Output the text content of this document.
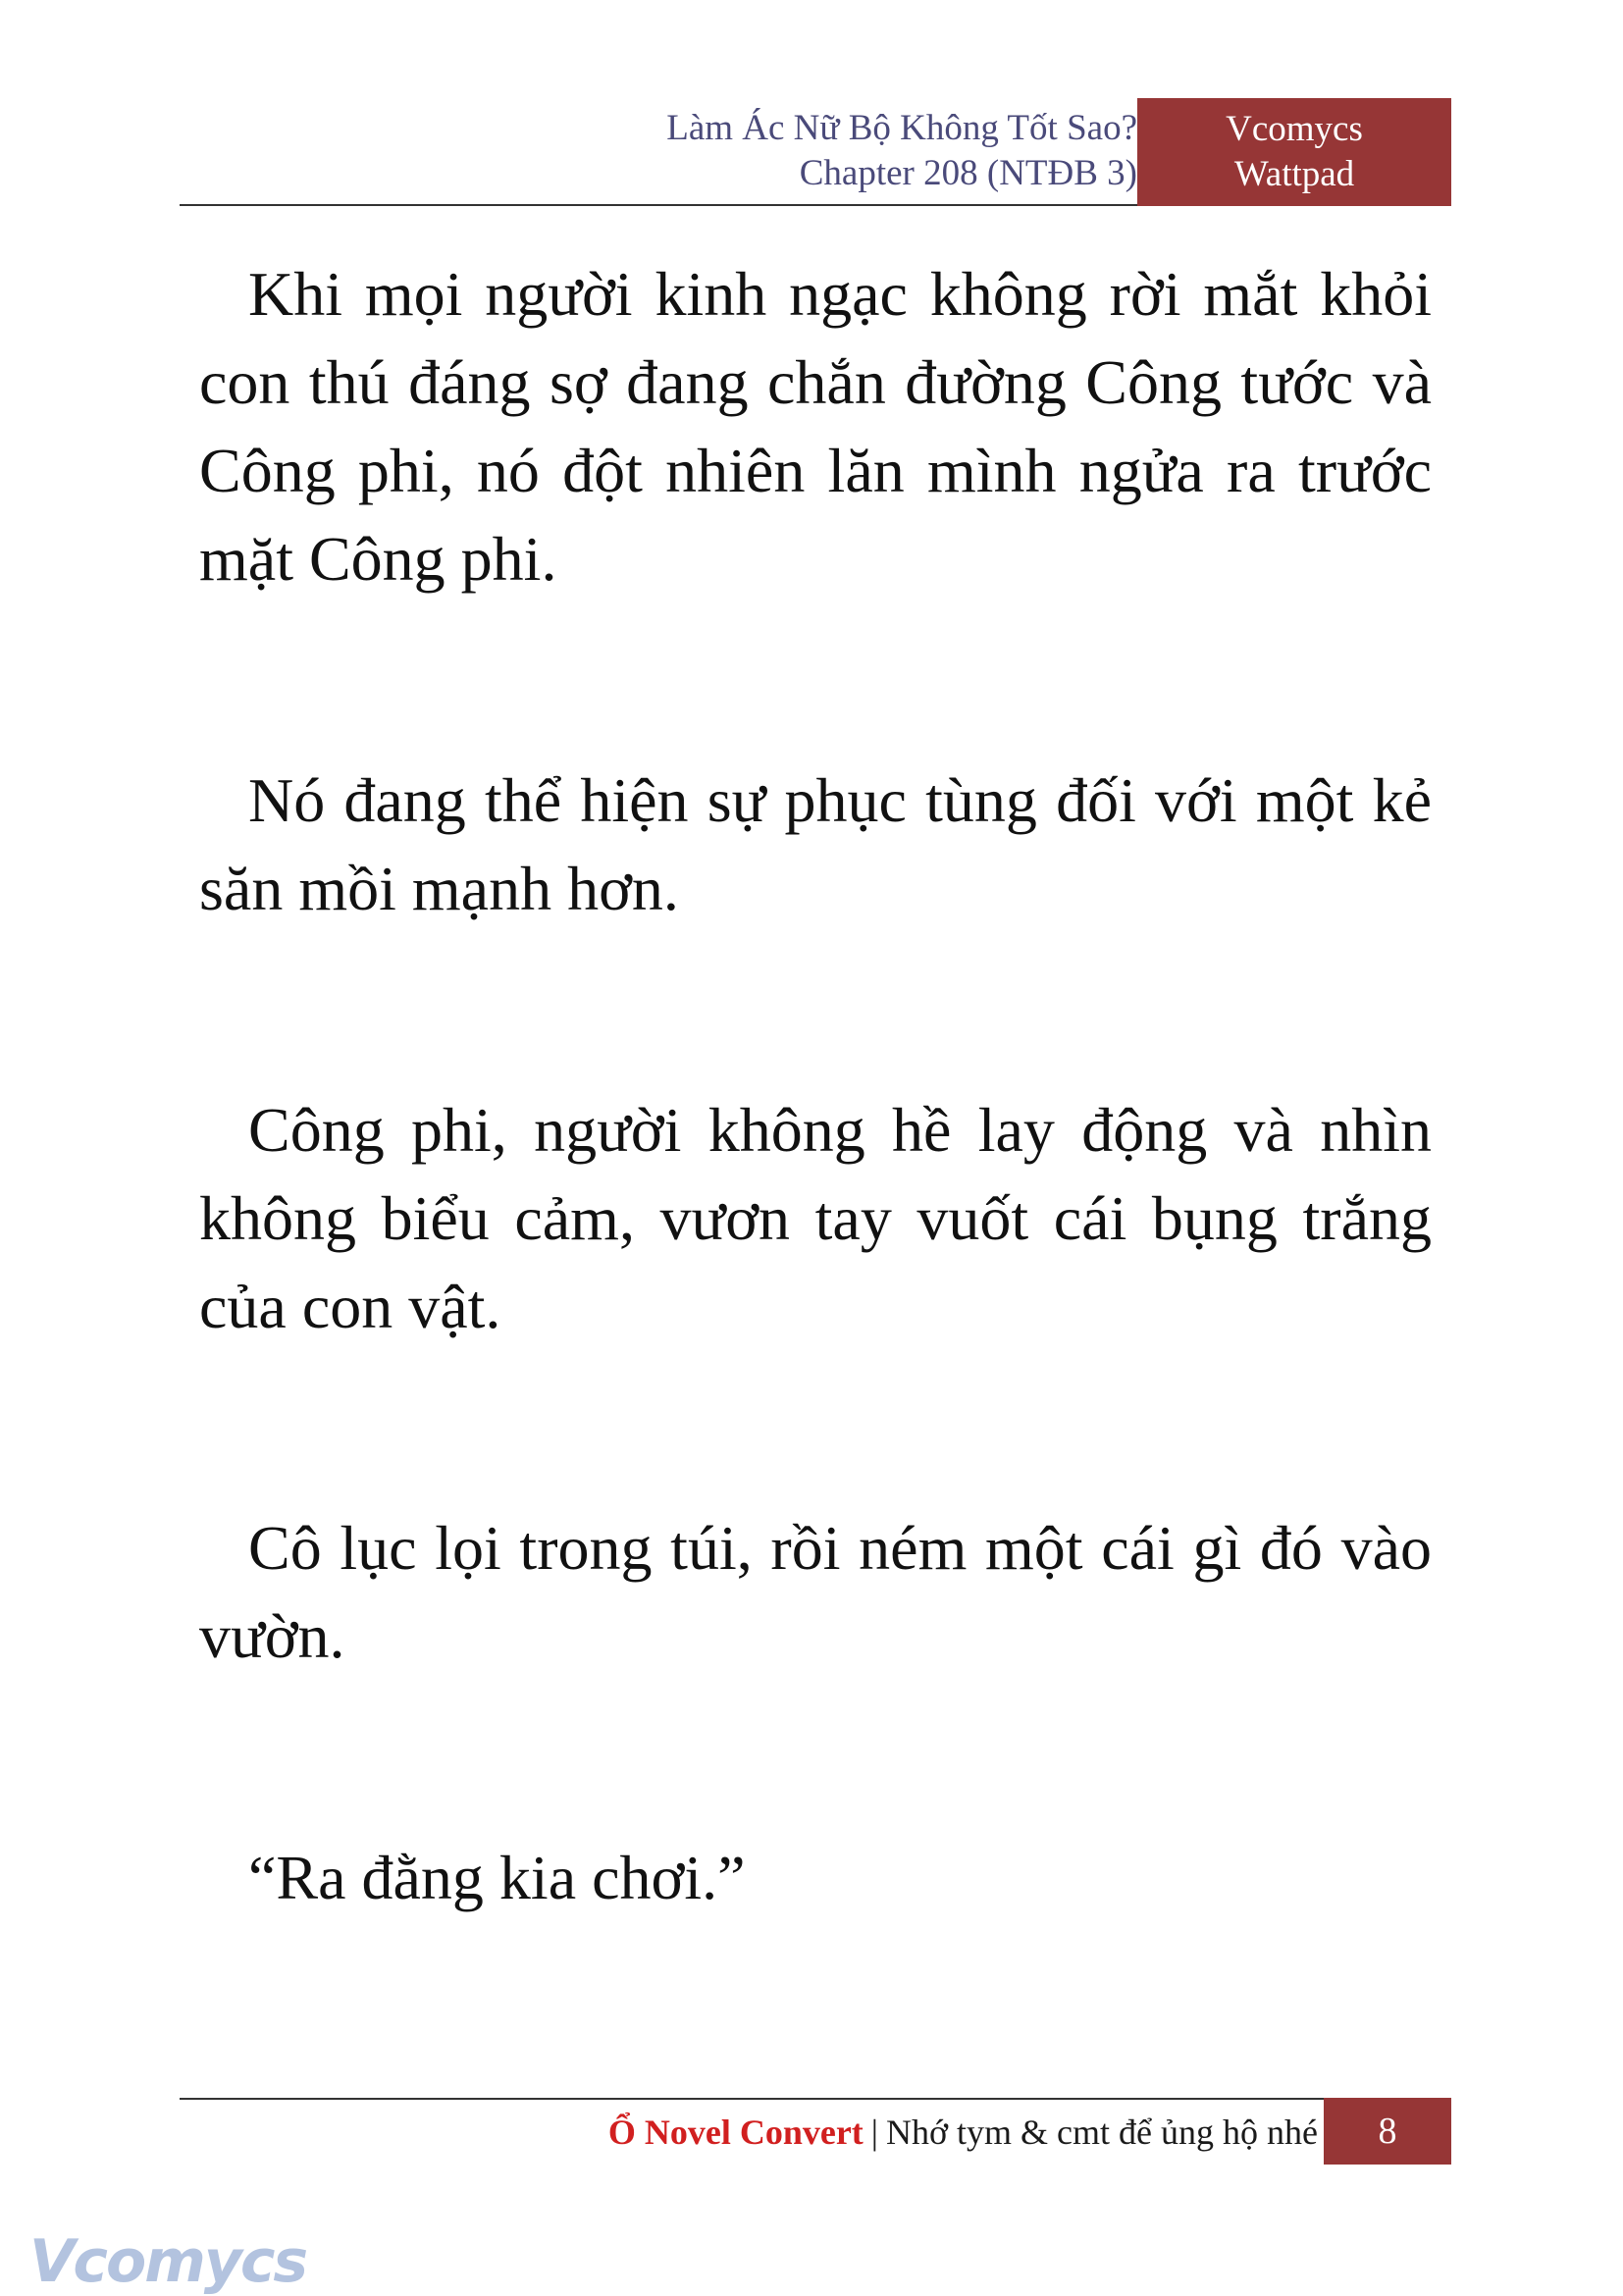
Làm Ác Nữ Bộ Không Tốt Sao?
Chapter 208 (NTĐB 3)
Vcomycs
Wattpad

Khi mọi người kinh ngạc không rời mắt khỏi con thú đáng sợ đang chắn đường Công tước và Công phi, nó đột nhiên lăn mình ngửa ra trước mặt Công phi.

Nó đang thể hiện sự phục tùng đối với một kẻ săn mồi mạnh hơn.

Công phi, người không hề lay động và nhìn không biểu cảm, vươn tay vuốt cái bụng trắng của con vật.

Cô lục lọi trong túi, rồi ném một cái gì đó vào vườn.

“Ra đằng kia chơi.”

Ổ Novel Convert | Nhớ tym & cmt để ủng hộ nhé	8
Vcomycs
